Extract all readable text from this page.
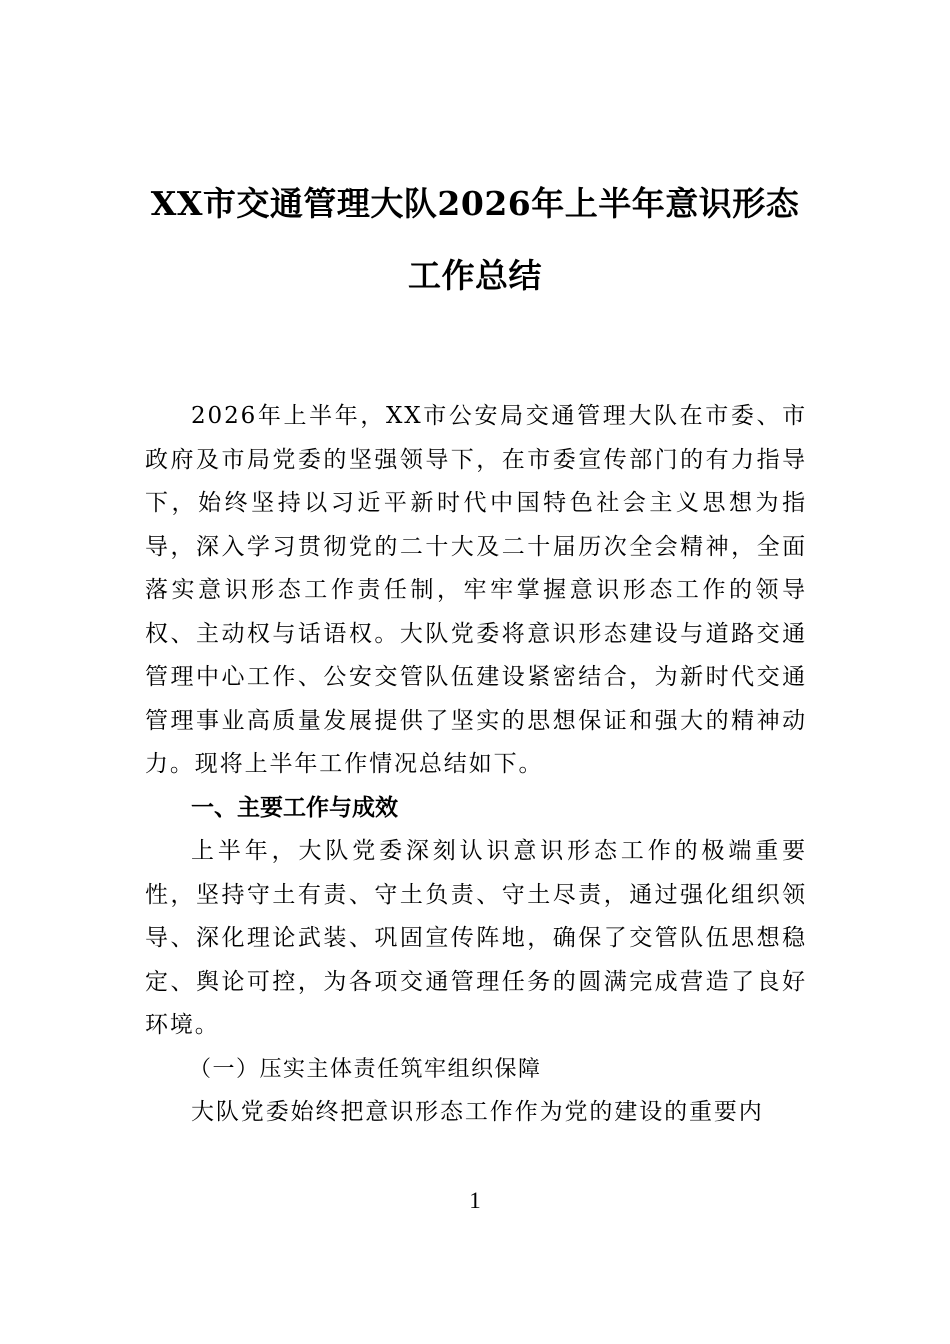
XX市交通管理大队2026年上半年意识形态工作总结

2026年上半年，XX市公安局交通管理大队在市委、市政府及市局党委的坚强领导下，在市委宣传部门的有力指导下，始终坚持以习近平新时代中国特色社会主义思想为指导，深入学习贯彻党的二十大及二十届历次全会精神，全面落实意识形态工作责任制，牢牢掌握意识形态工作的领导权、主动权与话语权。大队党委将意识形态建设与道路交通管理中心工作、公安交管队伍建设紧密结合，为新时代交通管理事业高质量发展提供了坚实的思想保证和强大的精神动力。现将上半年工作情况总结如下。

一、主要工作与成效

上半年，大队党委深刻认识意识形态工作的极端重要性，坚持守土有责、守土负责、守土尽责，通过强化组织领导、深化理论武装、巩固宣传阵地，确保了交管队伍思想稳定、舆论可控，为各项交通管理任务的圆满完成营造了良好环境。

（一）压实主体责任筑牢组织保障

大队党委始终把意识形态工作作为党的建设的重要内

1
